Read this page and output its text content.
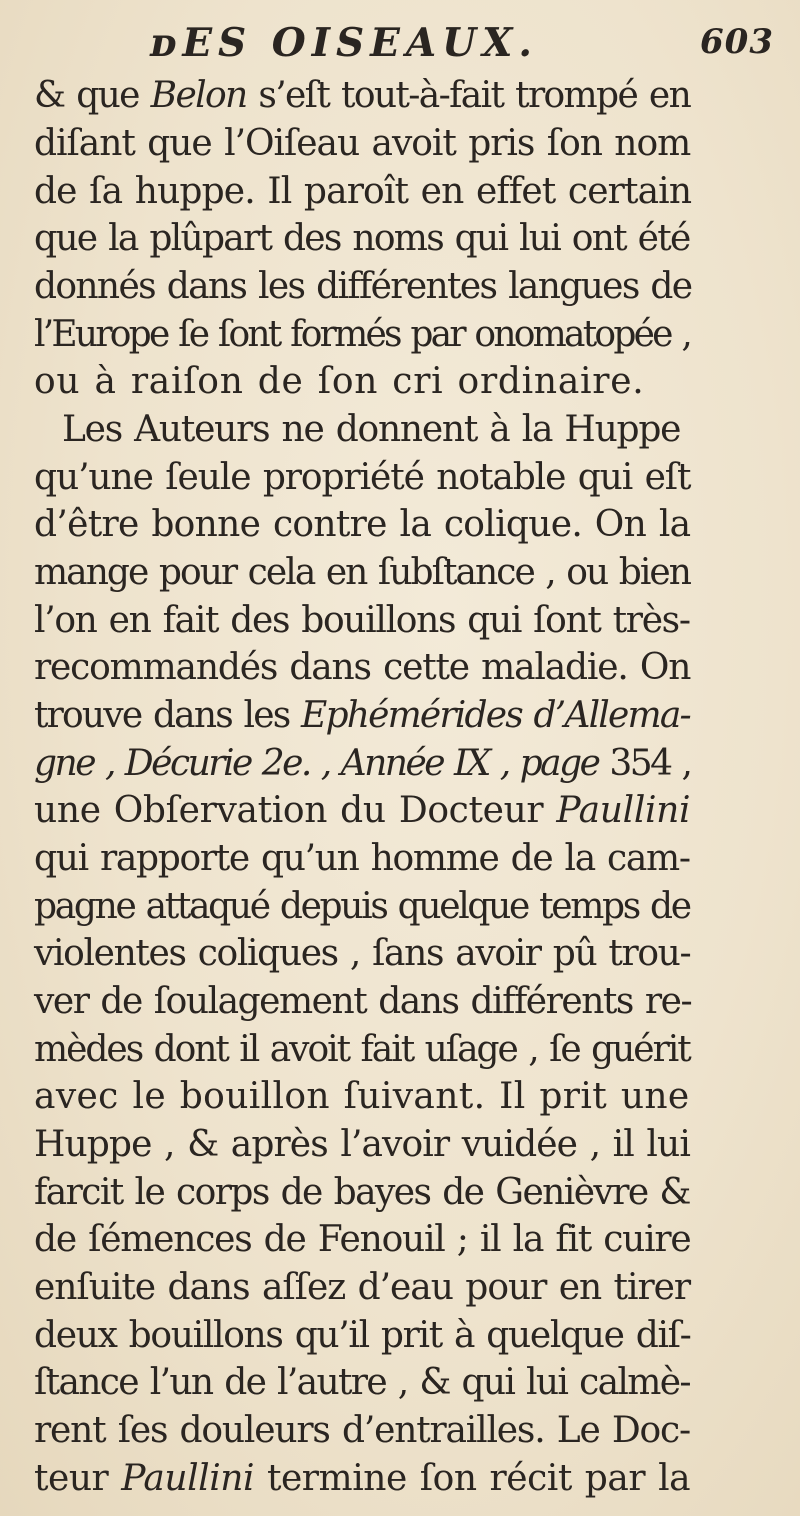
ᴅES OISEAUX.	603
& que Belon s’eſt tout-à-fait trompé en
diſant que l’Oiſeau avoit pris ſon nom
de ſa huppe. Il paroît en effet certain
que la plûpart des noms qui lui ont été
donnés dans les différentes langues de
l’Europe ſe ſont formés par onomatopée ,
ou à raiſon de ſon cri ordinaire.
Les Auteurs ne donnent à la Huppe
qu’une ſeule propriété notable qui eſt
d’être bonne contre la colique. On la
mange pour cela en ſubſtance , ou bien
l’on en fait des bouillons qui ſont très-
recommandés dans cette maladie. On
trouve dans les Ephémérides d’Allema-
gne , Décurie 2e. , Année IX , page 354 ,
une Obſervation du Docteur Paullini
qui rapporte qu’un homme de la cam-
pagne attaqué depuis quelque temps de
violentes coliques , ſans avoir pû trou-
ver de ſoulagement dans différents re-
mèdes dont il avoit fait uſage , ſe guérit
avec le bouillon ſuivant. Il prit une
Huppe , & après l’avoir vuidée , il lui
farcit le corps de bayes de Genièvre &
de ſémences de Fenouil ; il la fit cuire
enſuite dans aſſez d’eau pour en tirer
deux bouillons qu’il prit à quelque diſ-
ſtance l’un de l’autre , & qui lui calmè-
rent ſes douleurs d’entrailles. Le Doc-
teur Paullini termine ſon récit par la
